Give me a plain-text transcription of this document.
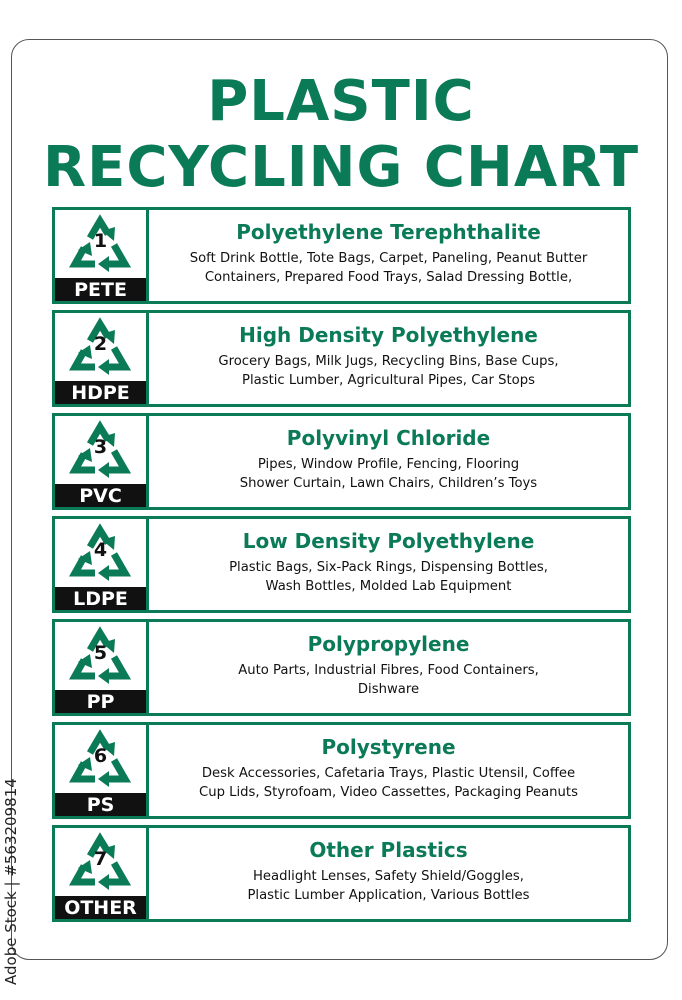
PLASTIC
RECYCLING CHART
1
PETE
Polyethylene Terephthalite
Soft Drink Bottle, Tote Bags, Carpet, Paneling, Peanut Butter
Containers, Prepared Food Trays, Salad Dressing Bottle,
2
HDPE
High Density Polyethylene
Grocery Bags, Milk Jugs, Recycling Bins, Base Cups,
Plastic Lumber, Agricultural Pipes, Car Stops
3
PVC
Polyvinyl Chloride
Pipes, Window Profile, Fencing, Flooring
Shower Curtain, Lawn Chairs, Children’s Toys
4
LDPE
Low Density Polyethylene
Plastic Bags, Six-Pack Rings, Dispensing Bottles,
Wash Bottles, Molded Lab Equipment
5
PP
Polypropylene
Auto Parts, Industrial Fibres, Food Containers,
Dishware
6
PS
Polystyrene
Desk Accessories, Cafetaria Trays, Plastic Utensil, Coffee
Cup Lids, Styrofoam, Video Cassettes, Packaging Peanuts
7
OTHER
Other Plastics
Headlight Lenses, Safety Shield/Goggles,
Plastic Lumber Application, Various Bottles
Adobe Stock | #563209814
